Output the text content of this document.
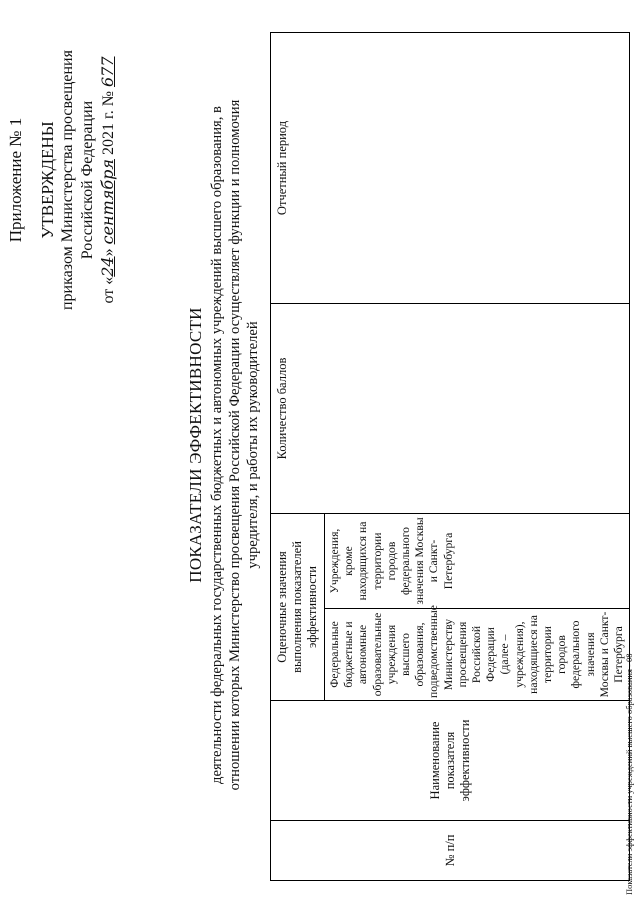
Приложение № 1 УТВЕРЖДЕНЫ приказом Министерства просвещения Российской Федерации
от «24» сентября 2021 г. № 677
ПОКАЗАТЕЛИ ЭФФЕКТИВНОСТИ деятельности федеральных государственных бюджетных и автономных учреждений высшего образования, в отношении которых Министерство просвещения Российской Федерации осуществляет функции и полномочия учредителя, и работы их руководителей
№ п/п	Наименование показателя эффективности	Оценочные значения выполнения показателей эффективности		Количество баллов	Отчетный период
		Федеральные бюджетные и автономные образовательные учреждения высшего образования, подведомственные Министерству просвещения Российской Федерации (далее – учреждения), находящиеся на территории городов федерального значения Москвы и Санкт-Петербурга	Учреждения, кроме находящихся на территории городов федерального значения Москвы и Санкт-Петербурга		
Показатели эффективности учреждений высшего образования - 08
